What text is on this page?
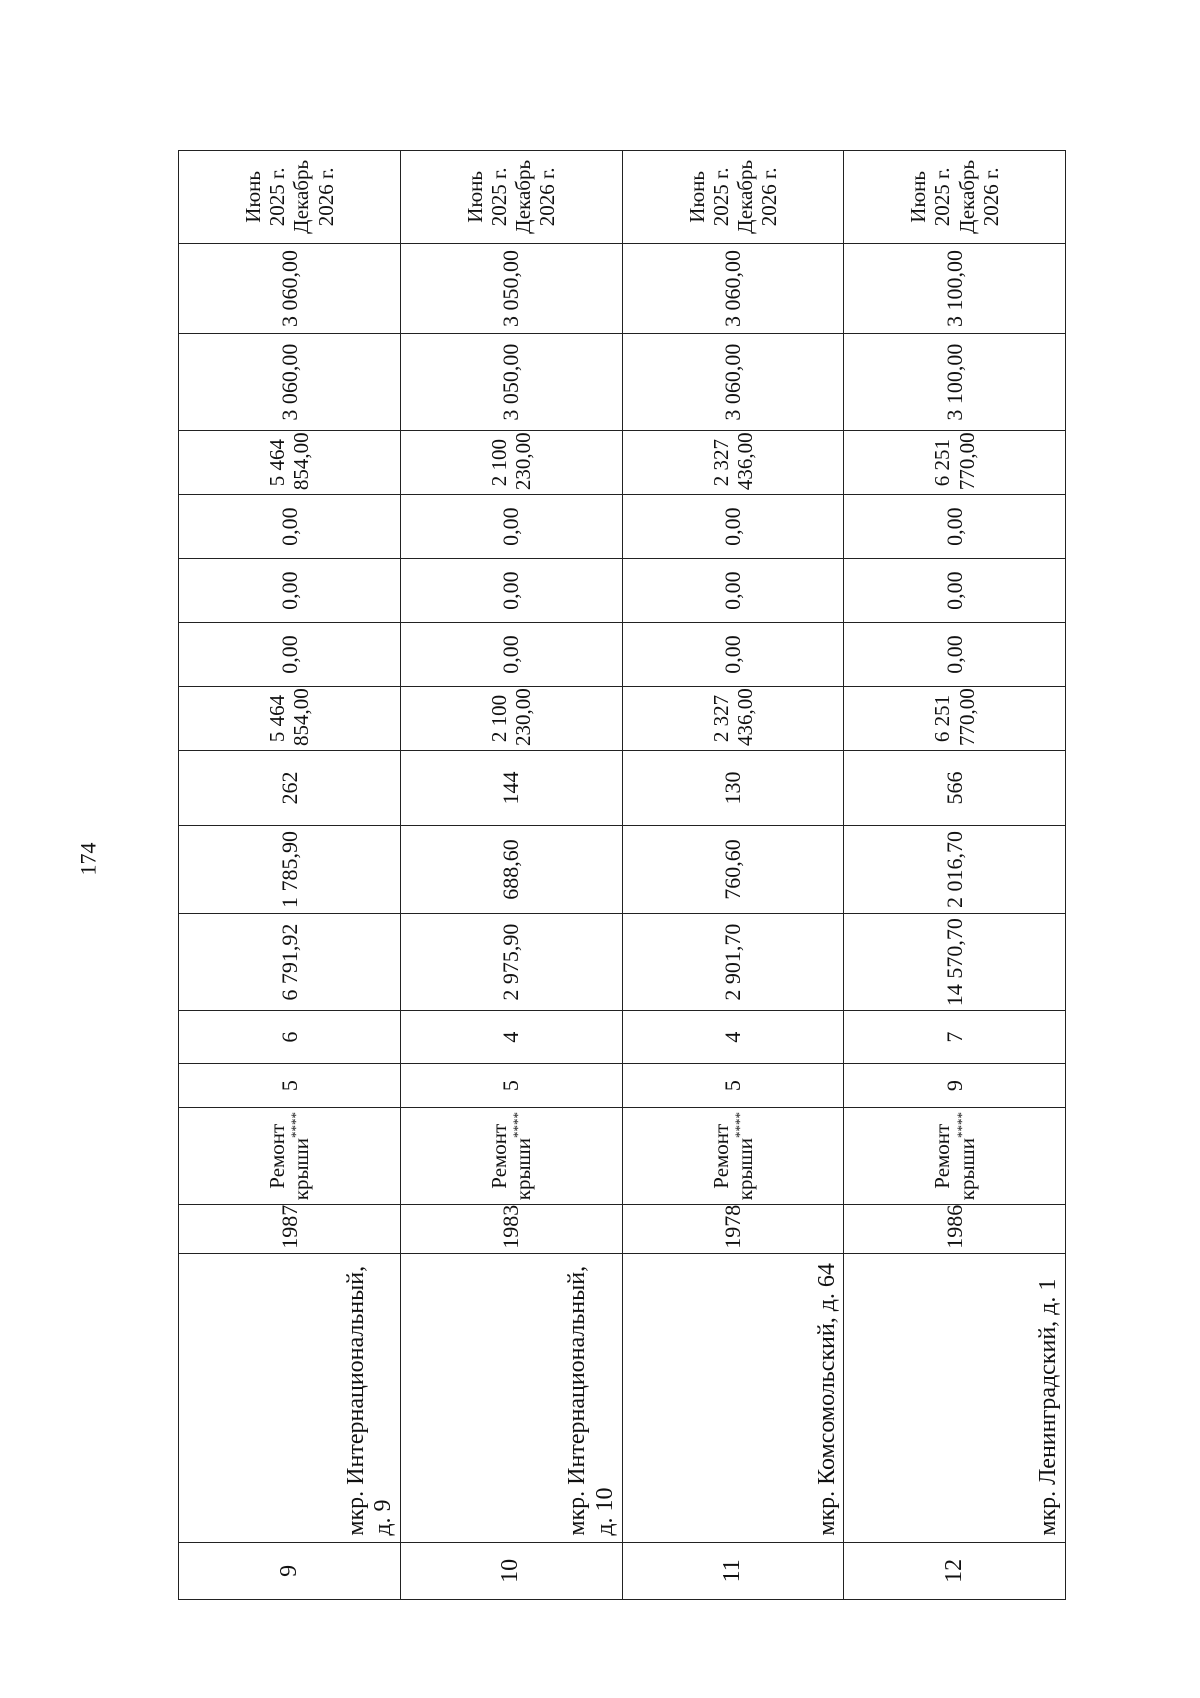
174
9	мкр. Интернациональный, д. 9	1987	Ремонт крыши****	5	6	6 791,92	1 785,90	262	5 464 854,00	0,00	0,00	0,00	5 464 854,00	3 060,00	3 060,00	Июнь 2025 г. Декабрь 2026 г.

10	мкр. Интернациональный, д. 10	1983	Ремонт крыши****	5	4	2 975,90	688,60	144	2 100 230,00	0,00	0,00	0,00	2 100 230,00	3 050,00	3 050,00	Июнь 2025 г. Декабрь 2026 г.

11	мкр. Комсомольский, д. 64	1978	Ремонт крыши****	5	4	2 901,70	760,60	130	2 327 436,00	0,00	0,00	0,00	2 327 436,00	3 060,00	3 060,00	Июнь 2025 г. Декабрь 2026 г.

12	мкр. Ленинградский, д. 1	1986	Ремонт крыши****	9	7	14 570,70	2 016,70	566	6 251 770,00	0,00	0,00	0,00	6 251 770,00	3 100,00	3 100,00	Июнь 2025 г. Декабрь 2026 г.
